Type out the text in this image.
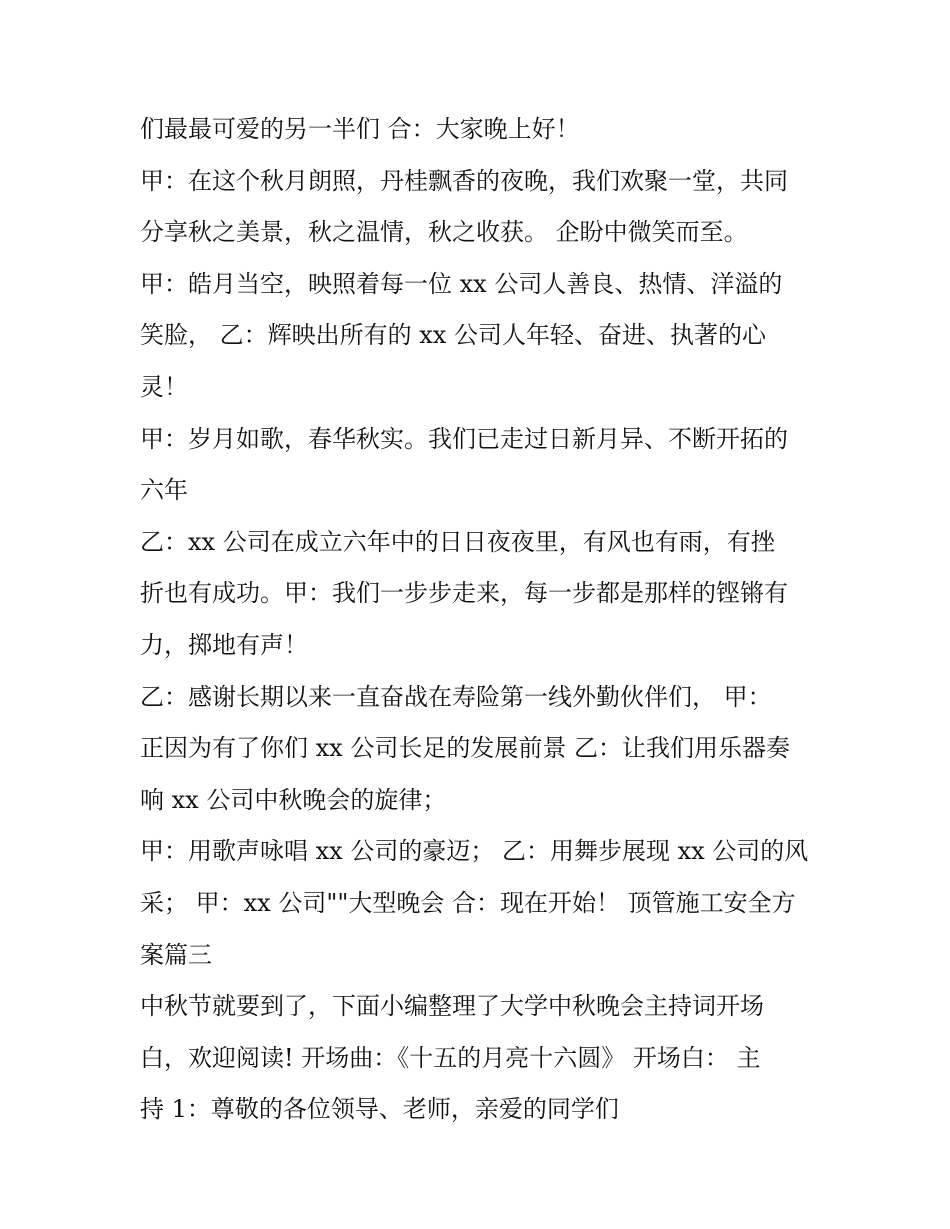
们最最可爱的另一半们 合：大家晚上好！
甲：在这个秋月朗照，丹桂飘香的夜晚，我们欢聚一堂，共同
分享秋之美景，秋之温情，秋之收获。 企盼中微笑而至。
甲：皓月当空，映照着每一位 xx 公司人善良、热情、洋溢的
笑脸， 乙：辉映出所有的 xx 公司人年轻、奋进、执著的心
灵！
甲：岁月如歌，春华秋实。我们已走过日新月异、不断开拓的
六年
乙：xx 公司在成立六年中的日日夜夜里，有风也有雨，有挫
折也有成功。甲：我们一步步走来，每一步都是那样的铿锵有
力，掷地有声！
乙：感谢长期以来一直奋战在寿险第一线外勤伙伴们， 甲：
正因为有了你们 xx 公司长足的发展前景 乙：让我们用乐器奏
响 xx 公司中秋晚会的旋律；
甲：用歌声咏唱 xx 公司的豪迈； 乙：用舞步展现 xx 公司的风
采； 甲：xx 公司""大型晚会 合：现在开始！ 顶管施工安全方
案篇三
中秋节就要到了，下面小编整理了大学中秋晚会主持词开场
白，欢迎阅读! 开场曲：《十五的月亮十六圆》 开场白： 主
持 1：尊敬的各位领导、老师，亲爱的同学们
